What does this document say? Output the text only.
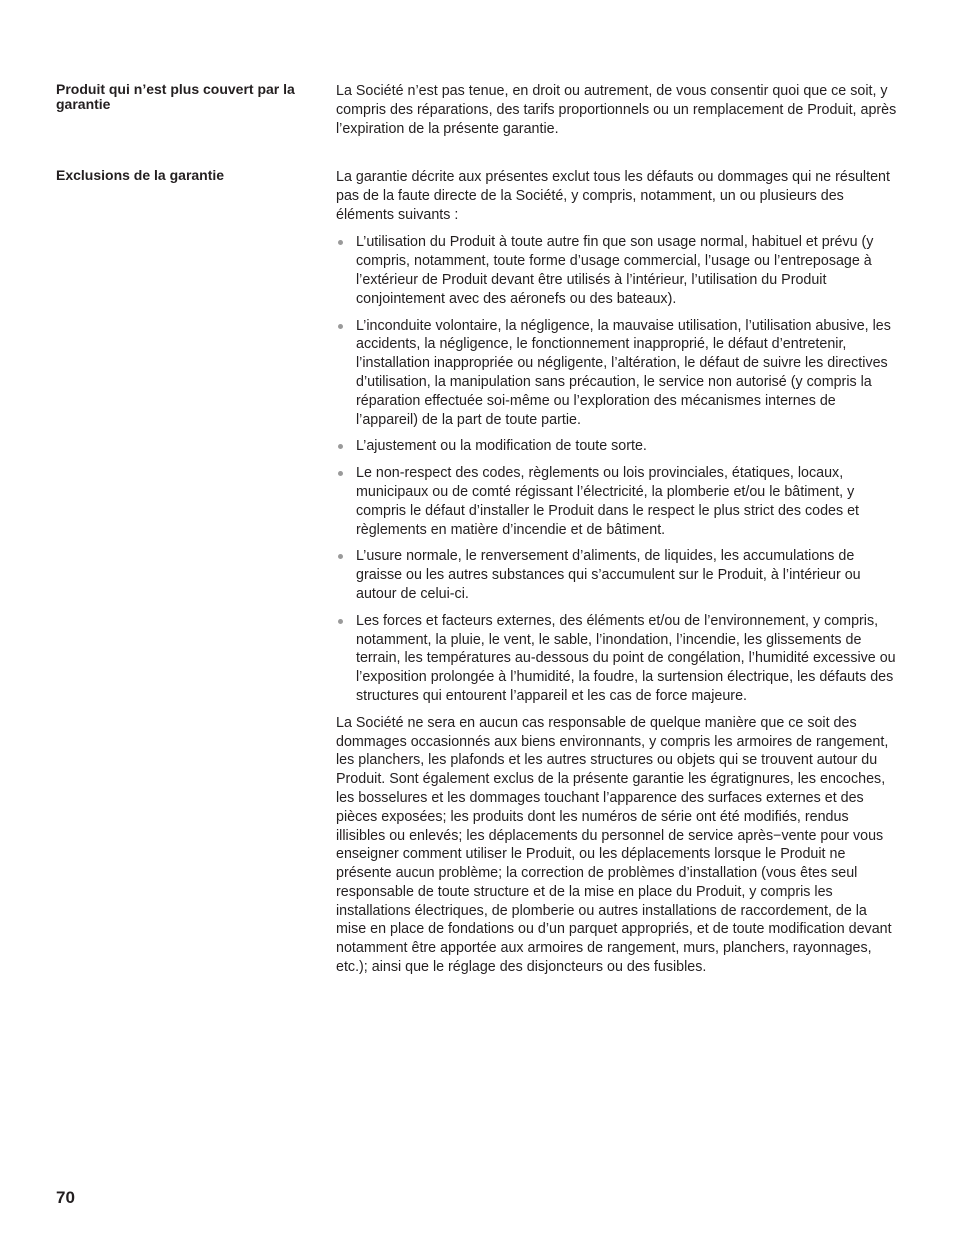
Produit qui n’est plus couvert par la garantie

La Société n’est pas tenue, en droit ou autrement, de vous consentir quoi que ce soit, y compris des réparations, des tarifs proportionnels ou un remplacement de Produit, après l’expiration de la présente garantie.

Exclusions de la garantie	La garantie décrite aux présentes exclut tous les défauts ou dommages qui ne résultent pas de la faute directe de la Société, y compris, notamment, un ou plusieurs des éléments suivants :

L’utilisation du Produit à toute autre fin que son usage normal, habituel et prévu (y compris, notamment, toute forme d’usage commercial, l’usage ou l’entreposage à l’extérieur de Produit devant être utilisés à l’intérieur, l’utilisation du Produit conjointement avec des aéronefs ou des bateaux).
L’inconduite volontaire, la négligence, la mauvaise utilisation, l’utilisation abusive, les accidents, la négligence, le fonctionnement inapproprié, le défaut d’entretenir, l’installation inappropriée ou négligente, l’altération, le défaut de suivre les directives d’utilisation, la manipulation sans précaution, le service non autorisé (y compris la réparation effectuée soi-même ou l’exploration des mécanismes internes de l’appareil) de la part de toute partie.
L’ajustement ou la modification de toute sorte.
Le non-respect des codes, règlements ou lois provinciales, étatiques, locaux, municipaux ou de comté régissant l’électricité, la plomberie et/ou le bâtiment, y compris le défaut d’installer le Produit dans le respect le plus strict des codes et règlements en matière d’incendie et de bâtiment.
L’usure normale, le renversement d’aliments, de liquides, les accumulations de graisse ou les autres substances qui s’accumulent sur le Produit, à l’intérieur ou autour de celui-ci.
Les forces et facteurs externes, des éléments et/ou de l’environnement, y compris, notamment, la pluie, le vent, le sable, l’inondation, l’incendie, les glissements de terrain, les températures au-dessous du point de congélation, l’humidité excessive ou l’exposition prolongée à l’humidité, la foudre, la surtension électrique, les défauts des structures qui entourent l’appareil et les cas de force majeure.

La Société ne sera en aucun cas responsable de quelque manière que ce soit des dommages occasionnés aux biens environnants, y compris les armoires de rangement, les planchers, les plafonds et les autres structures ou objets qui se trouvent autour du Produit. Sont également exclus de la présente garantie les égratignures, les encoches, les bosselures et les dommages touchant l’apparence des surfaces externes et des pièces exposées; les produits dont les numéros de série ont été modifiés, rendus illisibles ou enlevés; les déplacements du personnel de service après−vente pour vous enseigner comment utiliser le Produit, ou les déplacements lorsque le Produit ne présente aucun problème; la correction de problèmes d’installation (vous êtes seul responsable de toute structure et de la mise en place du Produit, y compris les installations électriques, de plomberie ou autres installations de raccordement, de la mise en place de fondations ou d’un parquet appropriés, et de toute modification devant notamment être apportée aux armoires de rangement, murs, planchers, rayonnages, etc.); ainsi que le réglage des disjoncteurs ou des fusibles.

70
